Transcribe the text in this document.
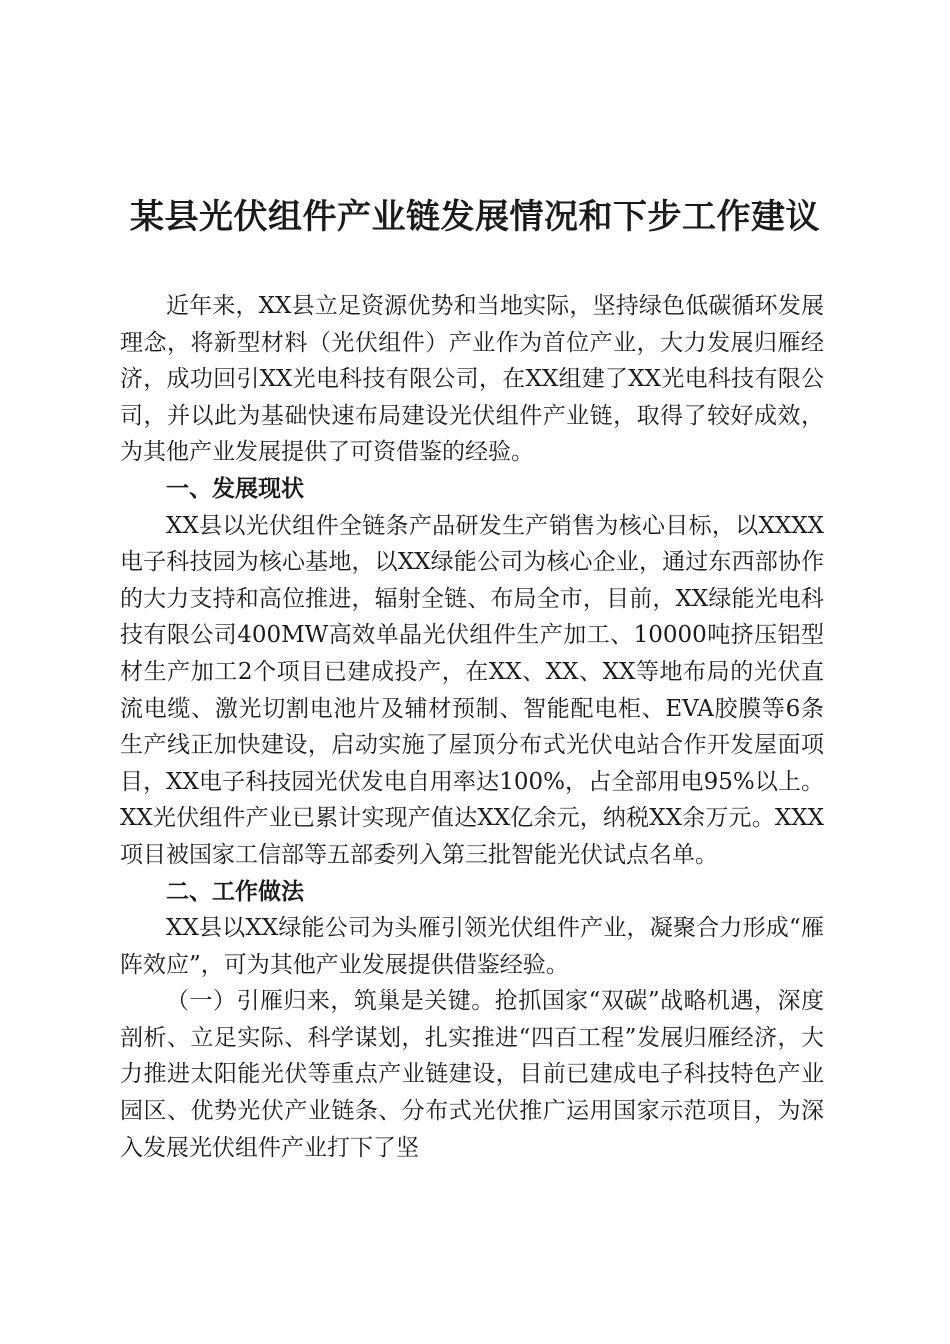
某县光伏组件产业链发展情况和下步工作建议

近年来，XX县立足资源优势和当地实际，坚持绿色低碳循环发展理念，将新型材料（光伏组件）产业作为首位产业，大力发展归雁经济，成功回引XX光电科技有限公司，在XX组建了XX光电科技有限公司，并以此为基础快速布局建设光伏组件产业链，取得了较好成效，为其他产业发展提供了可资借鉴的经验。

一、发展现状

XX县以光伏组件全链条产品研发生产销售为核心目标，以XXXX电子科技园为核心基地，以XX绿能公司为核心企业，通过东西部协作的大力支持和高位推进，辐射全链、布局全市，目前，XX绿能光电科技有限公司400MW高效单晶光伏组件生产加工、10000吨挤压铝型材生产加工2个项目已建成投产，在XX、XX、XX等地布局的光伏直流电缆、激光切割电池片及辅材预制、智能配电柜、EVA胶膜等6条生产线正加快建设，启动实施了屋顶分布式光伏电站合作开发屋面项目，XX电子科技园光伏发电自用率达100%，占全部用电95%以上。XX光伏组件产业已累计实现产值达XX亿余元，纳税XX余万元。XXX项目被国家工信部等五部委列入第三批智能光伏试点名单。

二、工作做法

XX县以XX绿能公司为头雁引领光伏组件产业，凝聚合力形成“雁阵效应”，可为其他产业发展提供借鉴经验。

（一）引雁归来，筑巢是关键。抢抓国家“双碳”战略机遇，深度剖析、立足实际、科学谋划，扎实推进“四百工程”发展归雁经济，大力推进太阳能光伏等重点产业链建设，目前已建成电子科技特色产业园区、优势光伏产业链条、分布式光伏推广运用国家示范项目，为深入发展光伏组件产业打下了坚
